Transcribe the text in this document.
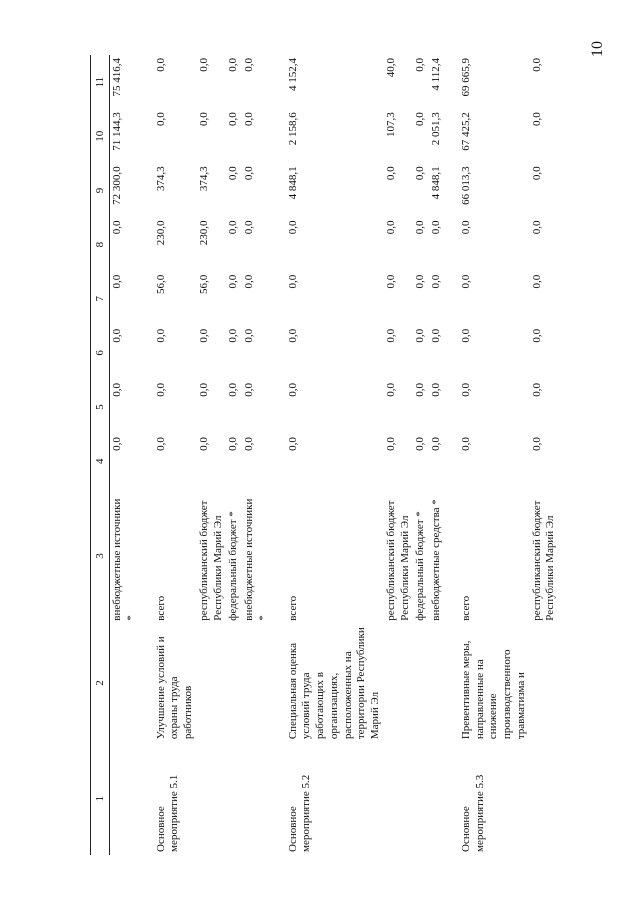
10
1	2	3	4	5	6	7	8	9	10	11
		внебюджетные источники *	0,0	0,0	0,0	0,0	0,0	72 300,0	71 144,3	75 416,4

Основное мероприятие 5.1	Улучшение условий и охраны труда работников	всего	0,0	0,0	0,0	56,0	230,0	374,3	0,0	0,0
		республиканский бюджет Республики Марий Эл	0,0	0,0	0,0	56,0	230,0	374,3	0,0	0,0
		федеральный бюджет *	0,0	0,0	0,0	0,0	0,0	0,0	0,0	0,0
		внебюджетные источники *	0,0	0,0	0,0	0,0	0,0	0,0	0,0	0,0

Основное мероприятие 5.2	Специальная оценка условий труда работающих в организациях, расположенных на территории Республики Марий Эл	всего	0,0	0,0	0,0	0,0	0,0	4 848,1	2 158,6	4 152,4
		республиканский бюджет Республики Марий Эл	0,0	0,0	0,0	0,0	0,0	0,0	107,3	40,0
		федеральный бюджет *	0,0	0,0	0,0	0,0	0,0	0,0	0,0	0,0
		внебюджетные средства *	0,0	0,0	0,0	0,0	0,0	4 848,1	2 051,3	4 112,4

Основное мероприятие 5.3	Превентивные меры, направленные на снижение производственного травматизма и	всего	0,0	0,0	0,0	0,0	0,0	66 013,3	67 425,2	69 665,9
		республиканский бюджет Республики Марий Эл	0,0	0,0	0,0	0,0	0,0	0,0	0,0	0,0
